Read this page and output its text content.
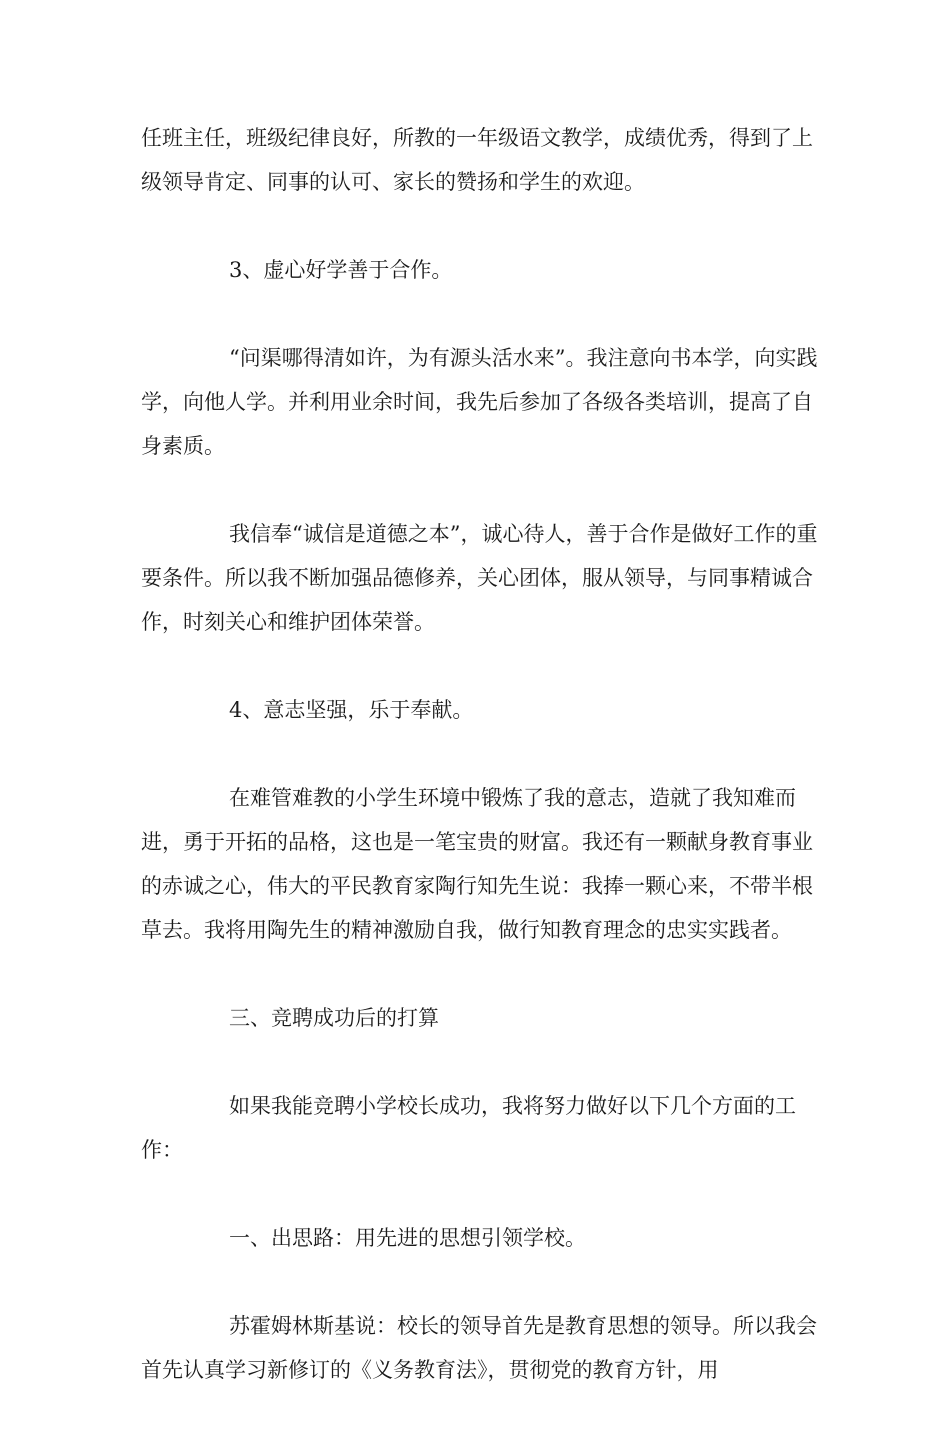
任班主任，班级纪律良好，所教的一年级语文教学，成绩优秀，得到了上级领导肯定、同事的认可、家长的赞扬和学生的欢迎。

3、虚心好学善于合作。

“问渠哪得清如许，为有源头活水来”。我注意向书本学，向实践学，向他人学。并利用业余时间，我先后参加了各级各类培训，提高了自身素质。

我信奉“诚信是道德之本”，诚心待人，善于合作是做好工作的重要条件。所以我不断加强品德修养，关心团体，服从领导，与同事精诚合作，时刻关心和维护团体荣誉。

4、意志坚强，乐于奉献。

在难管难教的小学生环境中锻炼了我的意志，造就了我知难而进，勇于开拓的品格，这也是一笔宝贵的财富。我还有一颗献身教育事业的赤诚之心，伟大的平民教育家陶行知先生说：我捧一颗心来，不带半根草去。我将用陶先生的精神激励自我，做行知教育理念的忠实实践者。

三、竞聘成功后的打算

如果我能竞聘小学校长成功，我将努力做好以下几个方面的工作：

一、出思路：用先进的思想引领学校。

苏霍姆林斯基说：校长的领导首先是教育思想的领导。所以我会首先认真学习新修订的《义务教育法》，贯彻党的教育方针，用
